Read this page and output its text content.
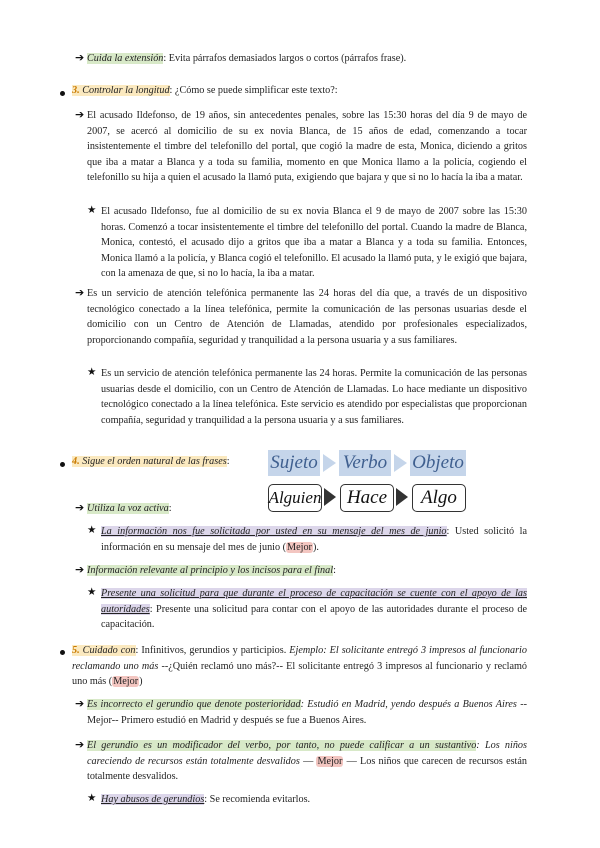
➔ Cuida la extensión: Evita párrafos demasiados largos o cortos (párrafos frase).
3. Controlar la longitud: ¿Cómo se puede simplificar este texto?:
➔ El acusado Ildefonso, de 19 años, sin antecedentes penales, sobre las 15:30 horas del día 9 de mayo de 2007, se acercó al domicilio de su ex novia Blanca, de 15 años de edad, comenzando a tocar insistentemente el timbre del telefonillo del portal, que cogió la madre de esta, Monica, diciendo a gritos que iba a matar a Blanca y a toda su familia, momento en que Monica llamo a la policía, cogiendo el telefonillo su hija a quien el acusado la llamó puta, exigiendo que bajara y que si no lo hacía la iba a matar.
★ El acusado Ildefonso, fue al domicilio de su ex novia Blanca el 9 de mayo de 2007 sobre las 15:30 horas. Comenzó a tocar insistentemente el timbre del telefonillo del portal. Cuando la madre de Blanca, Monica, contestó, el acusado dijo a gritos que iba a matar a Blanca y a toda su familia. Entonces, Monica llamó a la policía, y Blanca cogió el telefonillo. El acusado la llamó puta, y le exigió que bajara, con la amenaza de que, si no lo hacía, la iba a matar.
➔ Es un servicio de atención telefónica permanente las 24 horas del día que, a través de un dispositivo tecnológico conectado a la línea telefónica, permite la comunicación de las personas usuarias desde el domicilio con un Centro de Atención de Llamadas, atendido por profesionales especializados, proporcionando compañía, seguridad y tranquilidad a la persona usuaria y a sus familiares.
★ Es un servicio de atención telefónica permanente las 24 horas. Permite la comunicación de las personas usuarias desde el domicilio, con un Centro de Atención de Llamadas. Lo hace mediante un dispositivo tecnológico conectado a la línea telefónica. Este servicio es atendido por especialistas que proporcionan compañía, seguridad y tranquilidad a la persona usuaria y a sus familiares.
4. Sigue el orden natural de las frases:	Sujeto Verbo Objeto
Alguien	Hace	Algo
➔ Utiliza la voz activa:
★ La información nos fue solicitada por usted en su mensaje del mes de junio: Usted solicitó la información en su mensaje del mes de junio (Mejor).
➔ Información relevante al principio y los incisos para el final:
★ Presente una solicitud para que durante el proceso de capacitación se cuente con el apoyo de las autoridades: Presente una solicitud para contar con el apoyo de las autoridades durante el proceso de capacitación.
5. Cuidado con: Infinitivos, gerundios y participios. Ejemplo: El solicitante entregó 3 impresos al funcionario reclamando uno más --¿Quién reclamó uno más?-- El solicitante entregó 3 impresos al funcionario y reclamó uno más (Mejor)
➔ Es incorrecto el gerundio que denote posterioridad: Estudió en Madrid, yendo después a Buenos Aires --Mejor-- Primero estudió en Madrid y después se fue a Buenos Aires.
➔ El gerundio es un modificador del verbo, por tanto, no puede calificar a un sustantivo: Los niños careciendo de recursos están totalmente desvalidos — Mejor — Los niños que carecen de recursos están totalmente desvalidos.
★ Hay abusos de gerundios: Se recomienda evitarlos.
